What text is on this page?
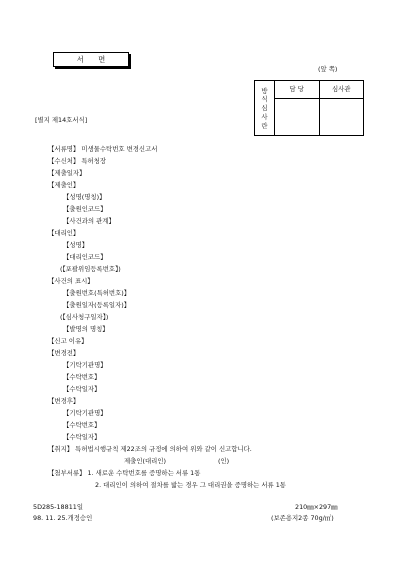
서 면
(앞 쪽)
방
식
심
사
란	담 당	심사관

[별지 제14호서식]
【서류명】 미생물수탁번호 변경신고서
【수신처】 특허청장
【제출일자】
【제출인】
【성명(명칭)】
【출원인코드】
【사건과의 관계】
【대리인】
【성명】
【대리인코드】
(【포괄위임등록번호】)
【사건의 표시】
【출원번호(특허번호)】
【출원일자(등록일자)】
(【심사청구일자】)
【발명의 명칭】
【신고 이유】
【변경전】
【기탁기관명】
【수탁번호】
【수탁일자】
【변경후】
【기탁기관명】
【수탁번호】
【수탁일자】
【취지】 특허법시행규칙 제22조의 규정에 의하여 위와 같이 신고합니다.
제출인(대리인)	(인)
【첨부서류】 1. 새로운 수탁번호를 증명하는 서류 1통
2. 대리인이 의하여 절차를 밟는 경우 그 대리권을 증명하는 서류 1통
5D285-18811일
98. 11. 25.개정승인
210㎜×297㎜
(보존용지2종 70g/㎡)
